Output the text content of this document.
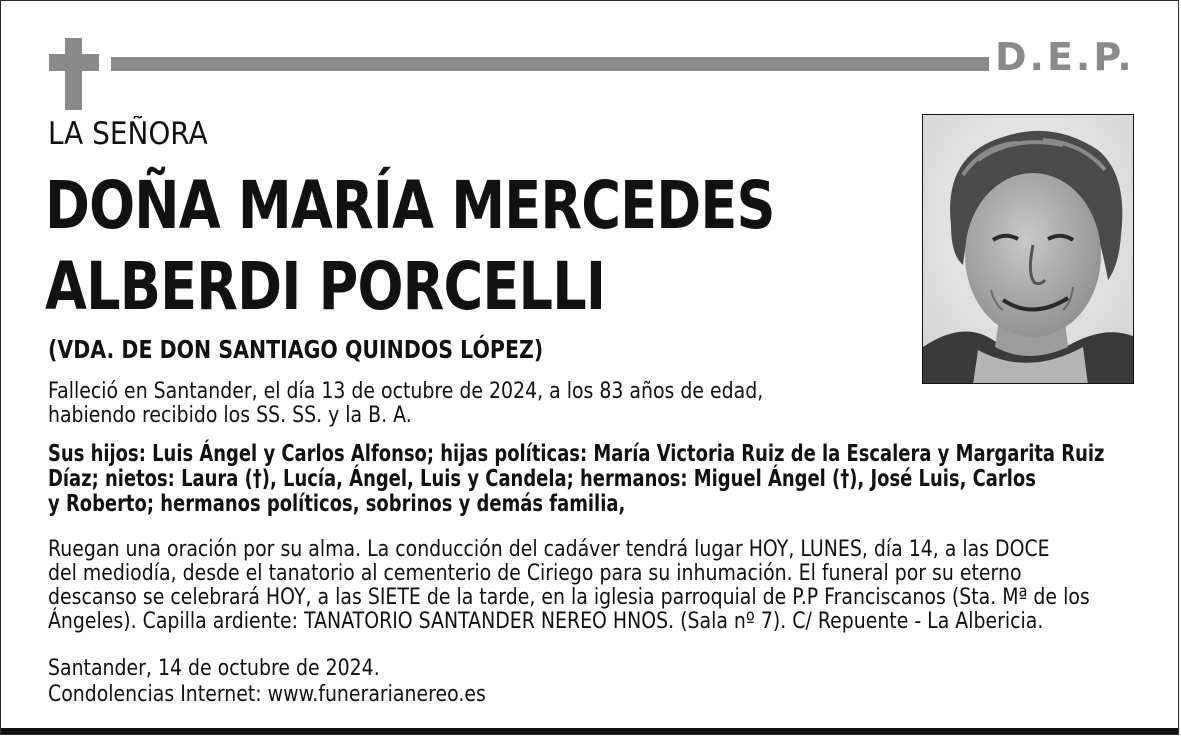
D.E.P.
LA SEÑORA
DOÑA MARÍA MERCEDES
ALBERDI PORCELLI
(VDA. DE DON SANTIAGO QUINDOS LÓPEZ)
Falleció en Santander, el día 13 de octubre de 2024, a los 83 años de edad,
habiendo recibido los SS. SS. y la B. A.
Sus hijos: Luis Ángel y Carlos Alfonso; hijas políticas: María Victoria Ruiz de la Escalera y Margarita Ruiz
Díaz; nietos: Laura (†), Lucía, Ángel, Luis y Candela; hermanos: Miguel Ángel (†), José Luis, Carlos
y Roberto; hermanos políticos, sobrinos y demás familia,
Ruegan una oración por su alma. La conducción del cadáver tendrá lugar HOY, LUNES, día 14, a las DOCE
del mediodía, desde el tanatorio al cementerio de Ciriego para su inhumación. El funeral por su eterno
descanso se celebrará HOY, a las SIETE de la tarde, en la iglesia parroquial de P.P Franciscanos (Sta. Mª de los
Ángeles). Capilla ardiente: TANATORIO SANTANDER NEREO HNOS. (Sala nº 7). C/ Repuente - La Albericia.
Santander, 14 de octubre de 2024.
Condolencias Internet: www.funerarianereo.es
